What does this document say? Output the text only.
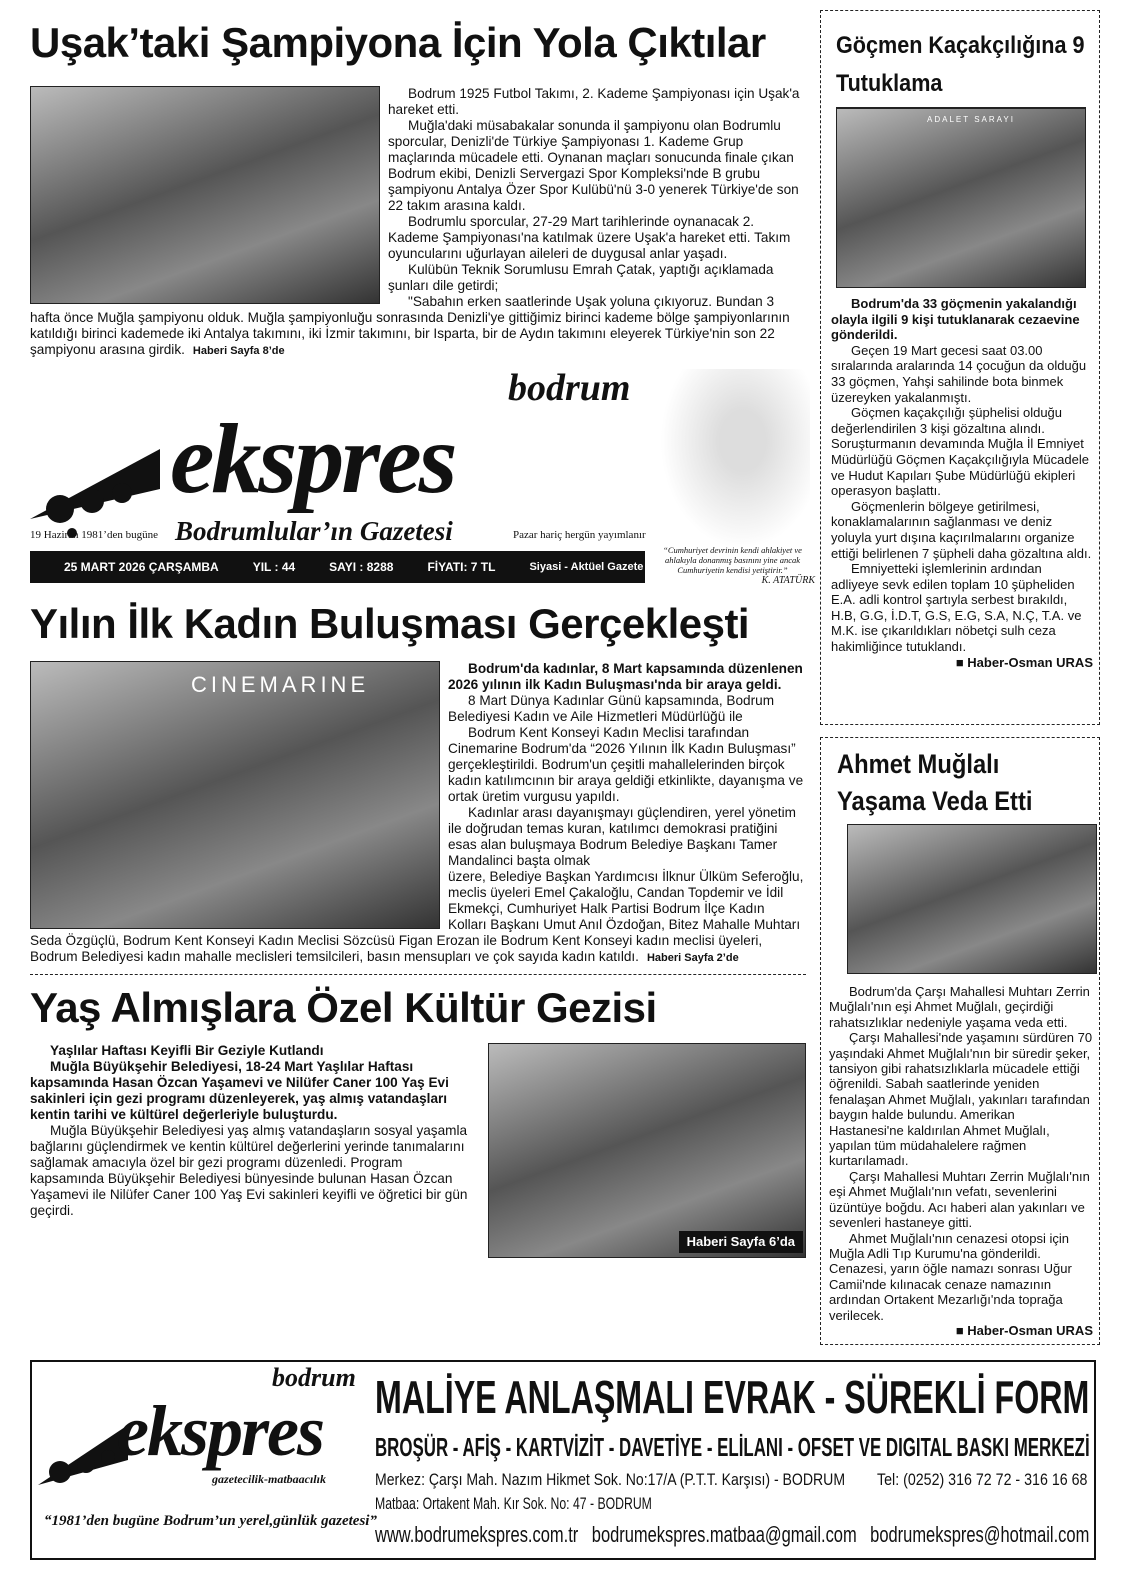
Uşak’taki Şampiyona İçin Yola Çıktılar

Bodrum 1925 Futbol Takımı, 2. Kademe Şampiyonası için Uşak'a hareket etti.

Muğla'daki müsabakalar sonunda il şampiyonu olan Bodrumlu sporcular, Denizli'de Türkiye Şampiyonası 1. Kademe Grup maçlarında mücadele etti. Oynanan maçları sonucunda finale çıkan Bodrum ekibi, Denizli Servergazi Spor Kompleksi'nde B grubu şampiyonu Antalya Özer Spor Kulübü'nü 3-0 yenerek Türkiye'de son 22 takım arasına kaldı.

Bodrumlu sporcular, 27-29 Mart tarihlerinde oynanacak 2. Kademe Şampiyonası'na katılmak üzere Uşak'a hareket etti. Takım oyuncularını uğurlayan aileleri de duygusal anlar yaşadı.

Kulübün Teknik Sorumlusu Emrah Çatak, yaptığı açıklamada şunları dile getirdi;

"Sabahın erken saatlerinde Uşak yoluna çıkıyoruz. Bundan 3 hafta önce Muğla şampiyonu olduk. Muğla şampiyonluğu sonrasında Denizli'ye gittiğimiz birinci kademe bölge şampiyonlarının katıldığı birinci kademede iki Antalya takımını, iki İzmir takımını, bir Isparta, bir de Aydın takımını eleyerek Türkiye'nin son 22 şampiyonu arasına girdik. Haberi Sayfa 8’de

bodrum
ekspres
19 Haziran 1981’den bugüne Bodrumlular’ın Gazetesi	Pazar hariç hergün yayımlanır
25 MART 2026 ÇARŞAMBA	YIL : 44	SAYI : 8288	FİYATI: 7 TL	Siyasi - Aktüel Gazete
“Cumhuriyet devrinin kendi ahlakiyet ve ahlakıyla donanmış basınını yine ancak Cumhuriyetin kendisi yetiştirir.”
K. ATATÜRK
Yılın İlk Kadın Buluşması Gerçekleşti
CINEMARINE

Bodrum'da kadınlar, 8 Mart kapsamında düzenlenen 2026 yılının ilk Kadın Buluşması'nda bir araya geldi.

8 Mart Dünya Kadınlar Günü kapsamında, Bodrum Belediyesi Kadın ve Aile Hizmetleri Müdürlüğü ile

Bodrum Kent Konseyi Kadın Meclisi tarafından Cinemarine Bodrum'da “2026 Yılının İlk Kadın Buluşması” gerçekleştirildi. Bodrum'un çeşitli mahallelerinden birçok kadın katılımcının bir araya geldiği etkinlikte, dayanışma ve ortak üretim vurgusu yapıldı.

Kadınlar arası dayanışmayı güçlendiren, yerel yönetim ile doğrudan temas kuran, katılımcı demokrasi pratiğini esas alan buluşmaya Bodrum Belediye Başkanı Tamer Mandalinci başta olmak

üzere, Belediye Başkan Yardımcısı İlknur Ülküm Seferoğlu, meclis üyeleri Emel Çakaloğlu, Candan Topdemir ve İdil Ekmekçi, Cumhuriyet Halk Partisi Bodrum İlçe Kadın Kolları Başkanı Umut Anıl Özdoğan, Bitez Mahalle Muhtarı Seda Özgüçlü, Bodrum Kent Konseyi Kadın Meclisi Sözcüsü Figan Erozan ile Bodrum Kent Konseyi kadın meclisi üyeleri, Bodrum Belediyesi kadın mahalle meclisleri temsilcileri, basın mensupları ve çok sayıda kadın katıldı. Haberi Sayfa 2’de
Yaş Almışlara Özel Kültür Gezisi
Haberi Sayfa 6’da

Yaşlılar Haftası Keyifli Bir Geziyle Kutlandı

Muğla Büyükşehir Belediyesi, 18-24 Mart Yaşlılar Haftası kapsamında Hasan Özcan Yaşamevi ve Nilüfer Caner 100 Yaş Evi sakinleri için gezi programı düzenleyerek, yaş almış vatandaşları kentin tarihi ve kültürel değerleriyle buluşturdu.

Muğla Büyükşehir Belediyesi yaş almış vatandaşların sosyal yaşamla bağlarını güçlendirmek ve kentin kültürel değerlerini yerinde tanımalarını sağlamak amacıyla özel bir gezi programı düzenledi. Program kapsamında Büyükşehir Belediyesi bünyesinde bulunan Hasan Özcan Yaşamevi ile Nilüfer Caner 100 Yaş Evi sakinleri keyifli ve öğretici bir gün geçirdi.

Göçmen Kaçakçılığına 9 Tutuklama
ADALET SARAYI

Bodrum'da 33 göçmenin yakalandığı olayla ilgili 9 kişi tutuklanarak cezaevine gönderildi.

Geçen 19 Mart gecesi saat 03.00 sıralarında aralarında 14 çocuğun da olduğu 33 göçmen, Yahşi sahilinde bota binmek üzereyken yakalanmıştı.

Göçmen kaçakçılığı şüphelisi olduğu değerlendirilen 3 kişi gözaltına alındı. Soruşturmanın devamında Muğla İl Emniyet Müdürlüğü Göçmen Kaçakçılığıyla Mücadele ve Hudut Kapıları Şube Müdürlüğü ekipleri operasyon başlattı.

Göçmenlerin bölgeye getirilmesi, konaklamalarının sağlanması ve deniz yoluyla yurt dışına kaçırılmalarını organize ettiği belirlenen 7 şüpheli daha gözaltına aldı.

Emniyetteki işlemlerinin ardından adliyeye sevk edilen toplam 10 şüpheliden E.A. adli kontrol şartıyla serbest bırakıldı, H.B, G.G, İ.D.T, G.S, E.G, S.A, N.Ç, T.A. ve M.K. ise çıkarıldıkları nöbetçi sulh ceza hakimliğince tutuklandı.

■ Haber-Osman URAS
Ahmet Muğlalı Yaşama Veda Etti

Bodrum'da Çarşı Mahallesi Muhtarı Zerrin Muğlalı'nın eşi Ahmet Muğlalı, geçirdiği rahatsızlıklar nedeniyle yaşama veda etti.

Çarşı Mahallesi'nde yaşamını sürdüren 70 yaşındaki Ahmet Muğlalı'nın bir süredir şeker, tansiyon gibi rahatsızlıklarla mücadele ettiği öğrenildi. Sabah saatlerinde yeniden fenalaşan Ahmet Muğlalı, yakınları tarafından baygın halde bulundu. Amerikan Hastanesi'ne kaldırılan Ahmet Muğlalı, yapılan tüm müdahalelere rağmen kurtarılamadı.

Çarşı Mahallesi Muhtarı Zerrin Muğlalı'nın eşi Ahmet Muğlalı'nın vefatı, sevenlerini üzüntüye boğdu. Acı haberi alan yakınları ve sevenleri hastaneye gitti.

Ahmet Muğlalı'nın cenazesi otopsi için Muğla Adli Tıp Kurumu'na gönderildi. Cenazesi, yarın öğle namazı sonrası Uğur Camii'nde kılınacak cenaze namazının ardından Ortakent Mezarlığı'nda toprağa verilecek.

■ Haber-Osman URAS
bodrum
ekspres
gazetecilik-matbaacılık
“1981’den bugüne Bodrum’un yerel,günlük gazetesi”
MALİYE ANLAŞMALI EVRAK - SÜREKLİ FORM
BROŞÜR - AFİŞ - KARTVİZİT - DAVETİYE - ELİLANI - OFSET VE DIGITAL BASKI MERKEZİ
Merkez: Çarşı Mah. Nazım Hikmet Sok. No:17/A (P.T.T. Karşısı) - BODRUM Tel: (0252) 316 72 72 - 316 16 68
Matbaa: Ortakent Mah. Kır Sok. No: 47 - BODRUM
www.bodrumekspres.com.tr bodrumekspres.matbaa@gmail.com bodrumekspres@hotmail.com
